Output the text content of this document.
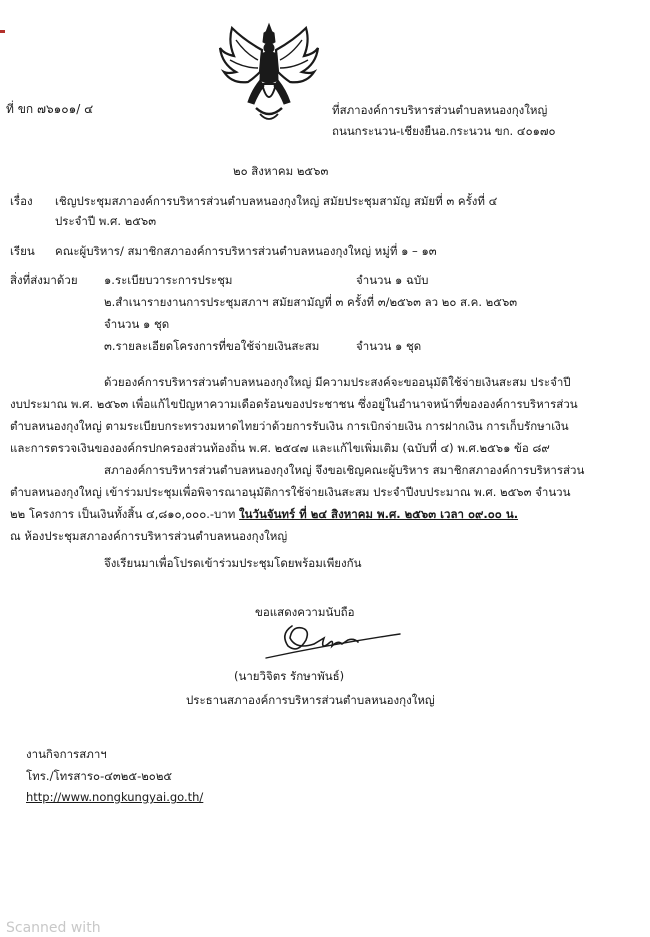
ที่ ขก ๗๖๑๐๑/ ๔	ที่สภาองค์การบริหารส่วนตำบลหนองกุงใหญ่
ถนนกระนวน-เชียงยืนอ.กระนวน ขก. ๔๐๑๗๐
๒๐ สิงหาคม ๒๕๖๓
เรื่อง เชิญประชุมสภาองค์การบริหารส่วนตำบลหนองกุงใหญ่ สมัยประชุมสามัญ สมัยที่ ๓ ครั้งที่ ๔
ประจำปี พ.ศ. ๒๕๖๓
เรียน คณะผู้บริหาร/ สมาชิกสภาองค์การบริหารส่วนตำบลหนองกุงใหญ่ หมู่ที่ ๑ – ๑๓
สิ่งที่ส่งมาด้วย ๑.ระเบียบวาระการประชุม	จำนวน ๑ ฉบับ
๒.สำเนารายงานการประชุมสภาฯ สมัยสามัญที่ ๓ ครั้งที่ ๓/๒๕๖๓ ลว ๒๐ ส.ค. ๒๕๖๓
จำนวน ๑ ชุด
๓.รายละเอียดโครงการที่ขอใช้จ่ายเงินสะสม	จำนวน ๑ ชุด
ด้วยองค์การบริหารส่วนตำบลหนองกุงใหญ่ มีความประสงค์จะขออนุมัติใช้จ่ายเงินสะสม ประจำปี
งบประมาณ พ.ศ. ๒๕๖๓ เพื่อแก้ไขปัญหาความเดือดร้อนของประชาชน ซึ่งอยู่ในอำนาจหน้าที่ขององค์การบริหารส่วน
ตำบลหนองกุงใหญ่ ตามระเบียบกระทรวงมหาดไทยว่าด้วยการรับเงิน การเบิกจ่ายเงิน การฝากเงิน การเก็บรักษาเงิน
และการตรวจเงินขององค์กรปกครองส่วนท้องถิ่น พ.ศ. ๒๕๔๗ และแก้ไขเพิ่มเติม (ฉบับที่ ๔) พ.ศ.๒๕๖๑ ข้อ ๘๙
สภาองค์การบริหารส่วนตำบลหนองกุงใหญ่ จึงขอเชิญคณะผู้บริหาร สมาชิกสภาองค์การบริหารส่วน
ตำบลหนองกุงใหญ่ เข้าร่วมประชุมเพื่อพิจารณาอนุมัติการใช้จ่ายเงินสะสม ประจำปีงบประมาณ พ.ศ. ๒๕๖๓ จำนวน
๒๒ โครงการ เป็นเงินทั้งสิ้น ๔,๘๑๐,๐๐๐.-บาท ในวันจันทร์ ที่ ๒๔ สิงหาคม พ.ศ. ๒๕๖๓ เวลา ๐๙.๐๐ น.
ณ ห้องประชุมสภาองค์การบริหารส่วนตำบลหนองกุงใหญ่
จึงเรียนมาเพื่อโปรดเข้าร่วมประชุมโดยพร้อมเพียงกัน
ขอแสดงความนับถือ
(นายวิจิตร รักษาพันธ์)
ประธานสภาองค์การบริหารส่วนตำบลหนองกุงใหญ่
งานกิจการสภาฯ
โทร./โทรสาร๐-๔๓๒๕-๒๐๒๕
http://www.nongkungyai.go.th/
Scanned with
